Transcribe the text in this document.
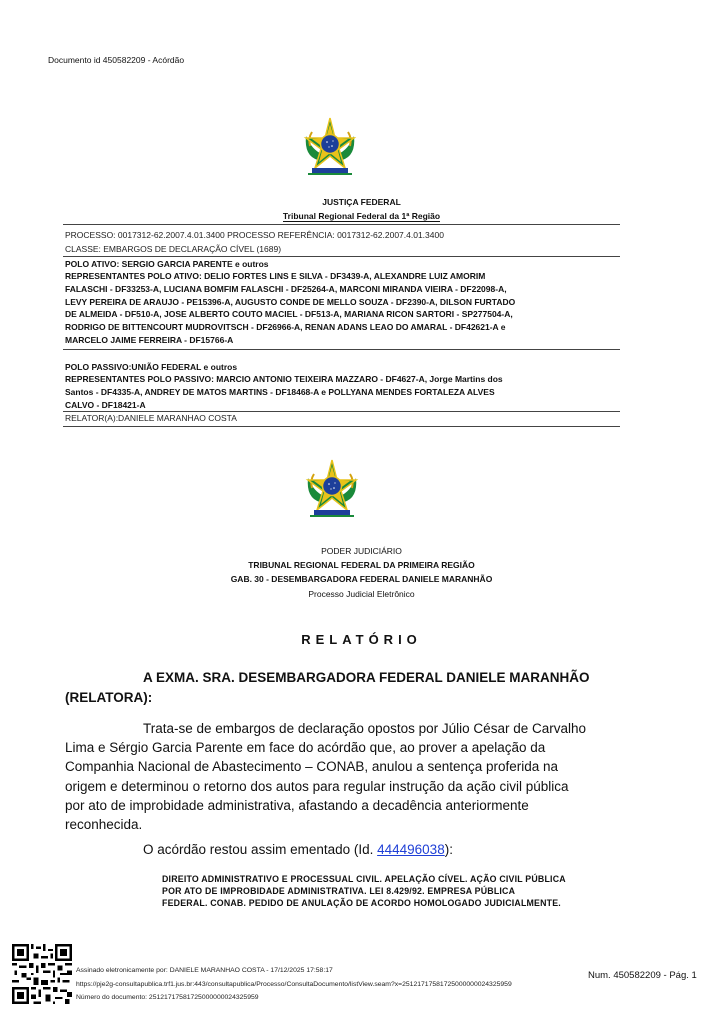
Documento id 450582209 - Acórdão
JUSTIÇA FEDERAL
Tribunal Regional Federal da 1ª Região
PROCESSO: 0017312-62.2007.4.01.3400 PROCESSO REFERÊNCIA: 0017312-62.2007.4.01.3400
CLASSE: EMBARGOS DE DECLARAÇÃO CÍVEL (1689)
POLO ATIVO: SERGIO GARCIA PARENTE e outros
REPRESENTANTES POLO ATIVO: DELIO FORTES LINS E SILVA - DF3439-A, ALEXANDRE LUIZ AMORIM
FALASCHI - DF33253-A, LUCIANA BOMFIM FALASCHI - DF25264-A, MARCONI MIRANDA VIEIRA - DF22098-A,
LEVY PEREIRA DE ARAUJO - PE15396-A, AUGUSTO CONDE DE MELLO SOUZA - DF2390-A, DILSON FURTADO
DE ALMEIDA - DF510-A, JOSE ALBERTO COUTO MACIEL - DF513-A, MARIANA RICON SARTORI - SP277504-A,
RODRIGO DE BITTENCOURT MUDROVITSCH - DF26966-A, RENAN ADANS LEAO DO AMARAL - DF42621-A e
MARCELO JAIME FERREIRA - DF15766-A
POLO PASSIVO:UNIÃO FEDERAL e outros
REPRESENTANTES POLO PASSIVO: MARCIO ANTONIO TEIXEIRA MAZZARO - DF4627-A, Jorge Martins dos
Santos - DF4335-A, ANDREY DE MATOS MARTINS - DF18468-A e POLLYANA MENDES FORTALEZA ALVES
CALVO - DF18421-A
RELATOR(A):DANIELE MARANHAO COSTA
PODER JUDICIÁRIO
TRIBUNAL REGIONAL FEDERAL DA PRIMEIRA REGIÃO
GAB. 30 - DESEMBARGADORA FEDERAL DANIELE MARANHÃO
Processo Judicial Eletrônico
RELATÓRIO
A EXMA. SRA. DESEMBARGADORA FEDERAL DANIELE MARANHÃO
(RELATORA):
Trata-se de embargos de declaração opostos por Júlio César de Carvalho
Lima e Sérgio Garcia Parente em face do acórdão que, ao prover a apelação da
Companhia Nacional de Abastecimento – CONAB, anulou a sentença proferida na
origem e determinou o retorno dos autos para regular instrução da ação civil pública
por ato de improbidade administrativa, afastando a decadência anteriormente
reconhecida.
O acórdão restou assim ementado (Id. 444496038):
DIREITO ADMINISTRATIVO E PROCESSUAL CIVIL. APELAÇÃO CÍVEL. AÇÃO CIVIL PÚBLICA
POR ATO DE IMPROBIDADE ADMINISTRATIVA. LEI 8.429/92. EMPRESA PÚBLICA
FEDERAL. CONAB. PEDIDO DE ANULAÇÃO DE ACORDO HOMOLOGADO JUDICIALMENTE.
Assinado eletronicamente por: DANIELE MARANHAO COSTA - 17/12/2025 17:58:17
https://pje2g-consultapublica.trf1.jus.br:443/consultapublica/Processo/ConsultaDocumento/listView.seam?x=25121717581725000000024325959
Número do documento: 25121717581725000000024325959
Num. 450582209 - Pág. 1
